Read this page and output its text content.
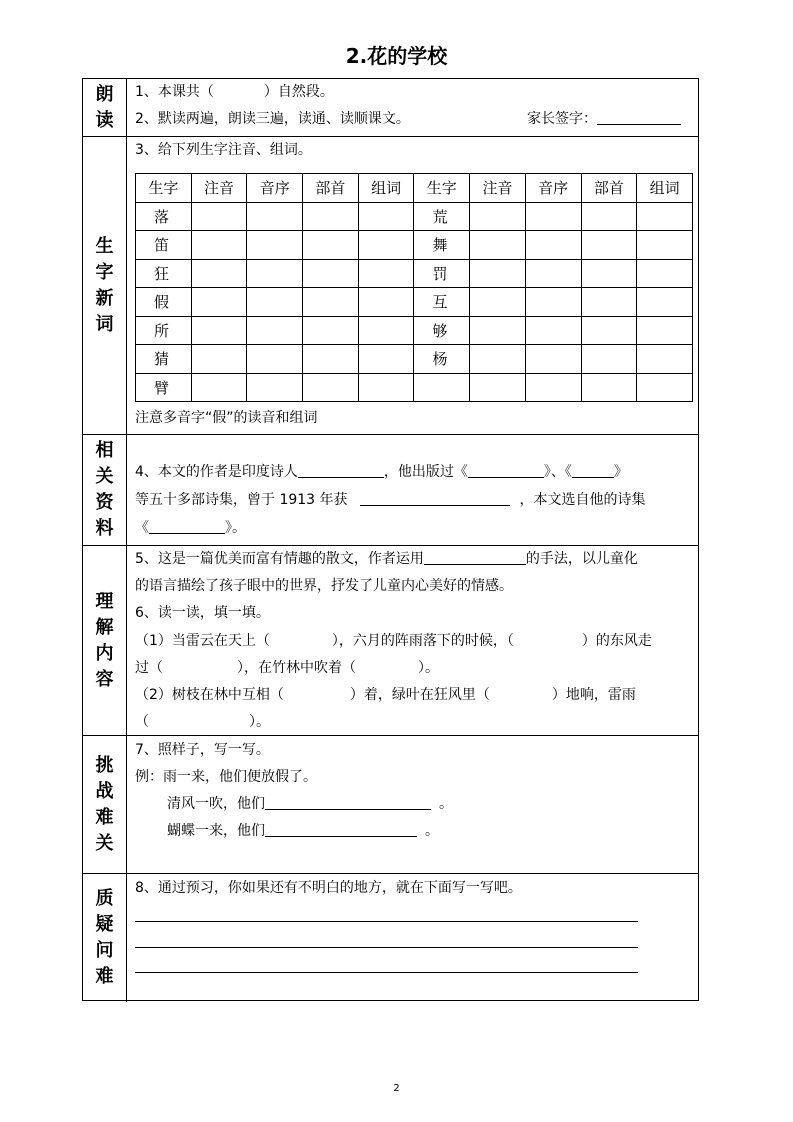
2.花的学校
朗
读
1、本课共（	）自然段。
2、默读两遍，朗读三遍，读通、读顺课文。	家长签字：
生
字
新
词
3、给下列生字注音、组词。
生字	注音	音序	部首	组词	生字	注音	音序	部首	组词
落					荒				
笛					舞				
狂					罚				
假					互				
所					够				
猜					杨				
臂									
注意多音字“假”的读音和组词
相
关
资
料
4、本文的作者是印度诗人	，他出版过《	》、《	》
等五十多部诗集，曾于 1913 年获	，本文选自他的诗集
《	》。
理
解
内
容
5、这是一篇优美而富有情趣的散文，作者运用	的手法，以儿童化
的语言描绘了孩子眼中的世界，抒发了儿童内心美好的情感。
6、读一读，填一填。
（1）当雷云在天上（	），六月的阵雨落下的时候，（	）的东风走
过（	），在竹林中吹着（	）。
（2）树枝在林中互相（	）着，绿叶在狂风里（	）地响，雷雨
（	）。
挑
战
难
关
7、照样子，写一写。
例：雨一来，他们便放假了。
清风一吹，他们	。
蝴蝶一来，他们	。
质
疑
问
难
8、通过预习，你如果还有不明白的地方，就在下面写一写吧。
2
